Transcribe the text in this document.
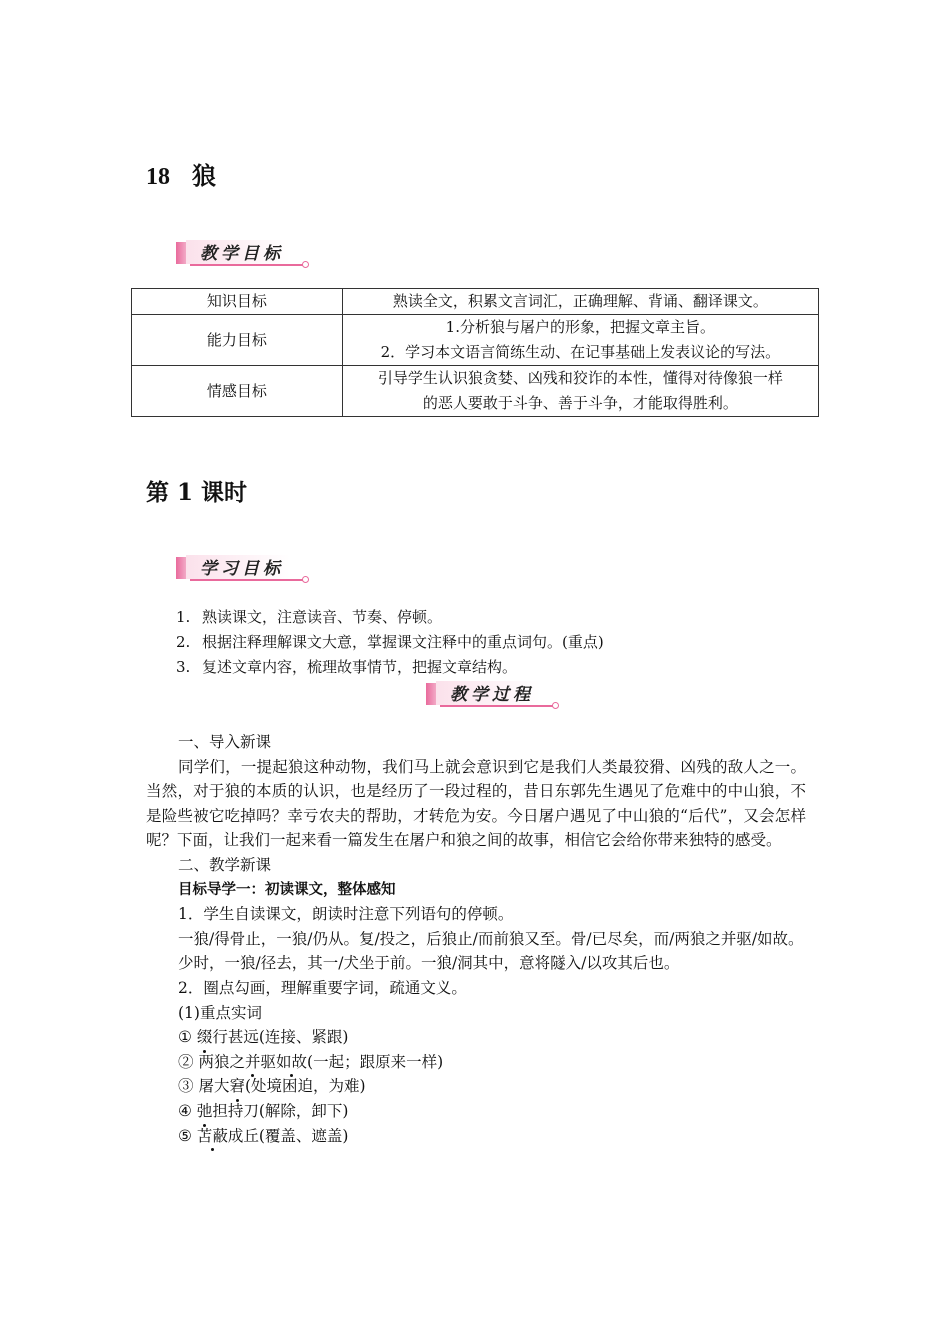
18 狼
教学目标
知识目标	熟读全文，积累文言词汇，正确理解、背诵、翻译课文。

能力目标	1.分析狼与屠户的形象，把握文章主旨。
2．学习本文语言简练生动、在记事基础上发表议论的写法。

情感目标	引导学生认识狼贪婪、凶残和狡诈的本性，懂得对待像狼一样
的恶人要敢于斗争、善于斗争，才能取得胜利。
第 1 课时
学习目标
1. 熟读课文，注意读音、节奏、停顿。
2. 根据注释理解课文大意，掌握课文注释中的重点词句。(重点)
3. 复述文章内容，梳理故事情节，把握文章结构。
教学过程

一、导入新课

同学们，一提起狼这种动物，我们马上就会意识到它是我们人类最狡猾、凶残的敌人之一。当然，对于狼的本质的认识，也是经历了一段过程的，昔日东郭先生遇见了危难中的中山狼，不是险些被它吃掉吗？幸亏农夫的帮助，才转危为安。今日屠户遇见了中山狼的“后代”，又会怎样呢？下面，让我们一起来看一篇发生在屠户和狼之间的故事，相信它会给你带来独特的感受。

二、教学新课

目标导学一：初读课文，整体感知

1．学生自读课文，朗读时注意下列语句的停顿。

一狼/得骨止，一狼/仍从。复/投之，后狼止/而前狼又至。骨/已尽矣，而/两狼之并驱/如故。

少时，一狼/径去，其一/犬坐于前。一狼/洞其中，意将隧入/以攻其后也。

2．圈点勾画，理解重要字词，疏通文义。

(1)重点实词

① 缀行甚远(连接、紧跟)

② 两狼之并驱如故(一起；跟原来一样)

③ 屠大窘(处境困迫，为难)

④ 弛担持刀(解除，卸下)

⑤ 苫蔽成丘(覆盖、遮盖)
